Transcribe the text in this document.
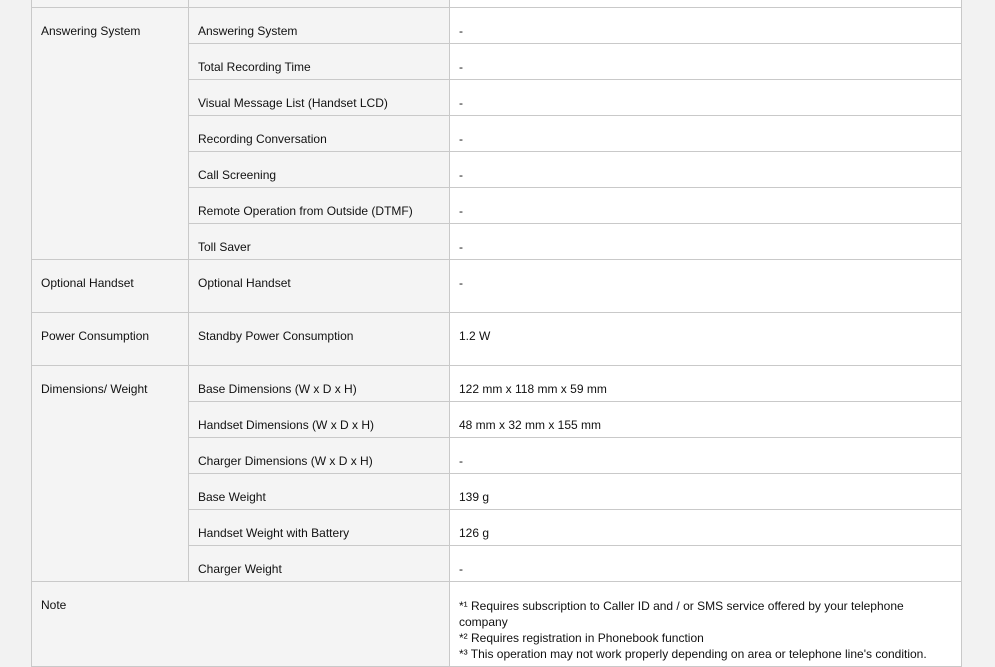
Answering System	Answering System	-
	Total Recording Time	-
	Visual Message List (Handset LCD)	-
	Recording Conversation	-
	Call Screening	-
	Remote Operation from Outside (DTMF)	-
	Toll Saver	-
Optional Handset	Optional Handset	-
Power Consumption	Standby Power Consumption	1.2 W
Dimensions/ Weight	Base Dimensions (W x D x H)	122 mm x 118 mm x 59 mm
	Handset Dimensions (W x D x H)	48 mm x 32 mm x 155 mm
	Charger Dimensions (W x D x H)	-
	Base Weight	139 g
	Handset Weight with Battery	126 g
	Charger Weight	-
Note		*¹ Requires subscription to Caller ID and / or SMS service offered by your telephone company
*² Requires registration in Phonebook function
*³ This operation may not work properly depending on area or telephone line's condition.
